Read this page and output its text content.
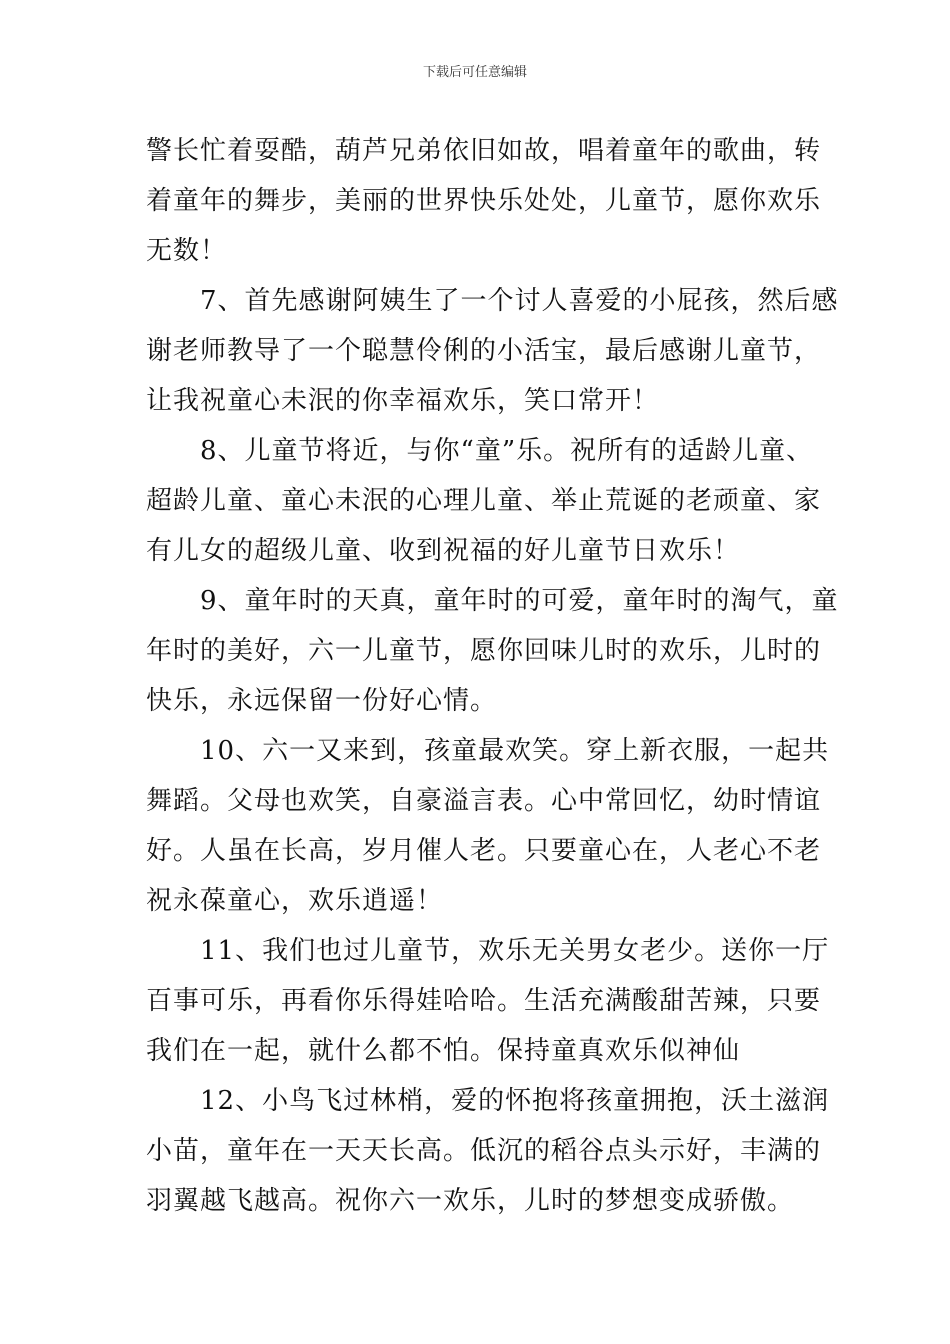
下载后可任意编辑

警长忙着耍酷，葫芦兄弟依旧如故，唱着童年的歌曲，转
着童年的舞步，美丽的世界快乐处处，儿童节，愿你欢乐
无数！

7、首先感谢阿姨生了一个讨人喜爱的小屁孩，然后感
谢老师教导了一个聪慧伶俐的小活宝，最后感谢儿童节，
让我祝童心未泯的你幸福欢乐，笑口常开！

8、儿童节将近，与你“童”乐。祝所有的适龄儿童、
超龄儿童、童心未泯的心理儿童、举止荒诞的老顽童、家
有儿女的超级儿童、收到祝福的好儿童节日欢乐！

9、童年时的天真，童年时的可爱，童年时的淘气，童
年时的美好，六一儿童节，愿你回味儿时的欢乐，儿时的
快乐，永远保留一份好心情。

10、六一又来到，孩童最欢笑。穿上新衣服，一起共
舞蹈。父母也欢笑，自豪溢言表。心中常回忆，幼时情谊
好。人虽在长高，岁月催人老。只要童心在，人老心不老
祝永葆童心，欢乐逍遥！

11、我们也过儿童节，欢乐无关男女老少。送你一厅
百事可乐，再看你乐得娃哈哈。生活充满酸甜苦辣，只要
我们在一起，就什么都不怕。保持童真欢乐似神仙

12、小鸟飞过林梢，爱的怀抱将孩童拥抱，沃土滋润
小苗，童年在一天天长高。低沉的稻谷点头示好，丰满的
羽翼越飞越高。祝你六一欢乐，儿时的梦想变成骄傲。
